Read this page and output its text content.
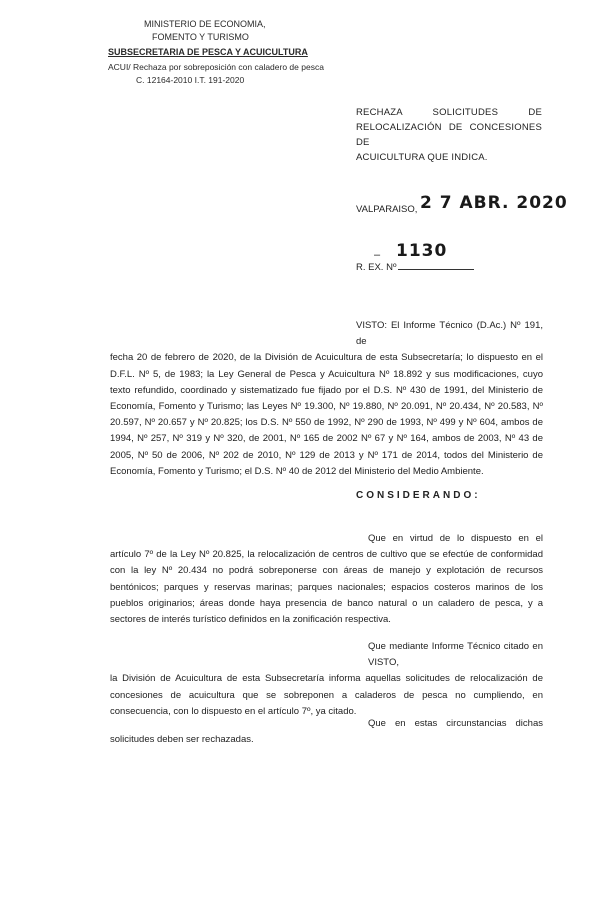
MINISTERIO DE ECONOMIA,
FOMENTO Y TURISMO
SUBSECRETARIA DE PESCA Y ACUICULTURA
ACUI/ Rechaza por sobreposición con caladero de pesca
C. 12164-2010 I.T. 191-2020
RECHAZA SOLICITUDES DE
RELOCALIZACIÓN DE CONCESIONES DE
ACUICULTURA QUE INDICA.
VALPARAISO, 2 7 ABR. 2020
– 1130
R. EX. Nº
VISTO: El Informe Técnico (D.Ac.) Nº 191, de
fecha 20 de febrero de 2020, de la División de Acuicultura de esta Subsecretaría; lo dispuesto en el D.F.L. Nº 5, de 1983; la Ley General de Pesca y Acuicultura Nº 18.892 y sus modificaciones, cuyo texto refundido, coordinado y sistematizado fue fijado por el D.S. Nº 430 de 1991, del Ministerio de Economía, Fomento y Turismo; las Leyes Nº 19.300, Nº 19.880, Nº 20.091, Nº 20.434, Nº 20.583, Nº 20.597, Nº 20.657 y Nº 20.825; los D.S. Nº 550 de 1992, Nº 290 de 1993, Nº 499 y Nº 604, ambos de 1994, Nº 257, Nº 319 y Nº 320, de 2001, Nº 165 de 2002 Nº 67 y Nº 164, ambos de 2003, Nº 43 de 2005, Nº 50 de 2006, Nº 202 de 2010, Nº 129 de 2013 y Nº 171 de 2014, todos del Ministerio de Economía, Fomento y Turismo; el D.S. Nº 40 de 2012 del Ministerio del Medio Ambiente.
CONSIDERANDO:
Que en virtud de lo dispuesto en el
artículo 7º de la Ley Nº 20.825, la relocalización de centros de cultivo que se efectúe de conformidad con la ley Nº 20.434 no podrá sobreponerse con áreas de manejo y explotación de recursos bentónicos; parques y reservas marinas; parques nacionales; espacios costeros marinos de los pueblos originarios; áreas donde haya presencia de banco natural o un caladero de pesca, y a sectores de interés turístico definidos en la zonificación respectiva.
Que mediante Informe Técnico citado en VISTO,
la División de Acuicultura de esta Subsecretaría informa aquellas solicitudes de relocalización de concesiones de acuicultura que se sobreponen a caladeros de pesca no cumpliendo, en consecuencia, con lo dispuesto en el artículo 7º, ya citado.
Que en estas circunstancias dichas
solicitudes deben ser rechazadas.
